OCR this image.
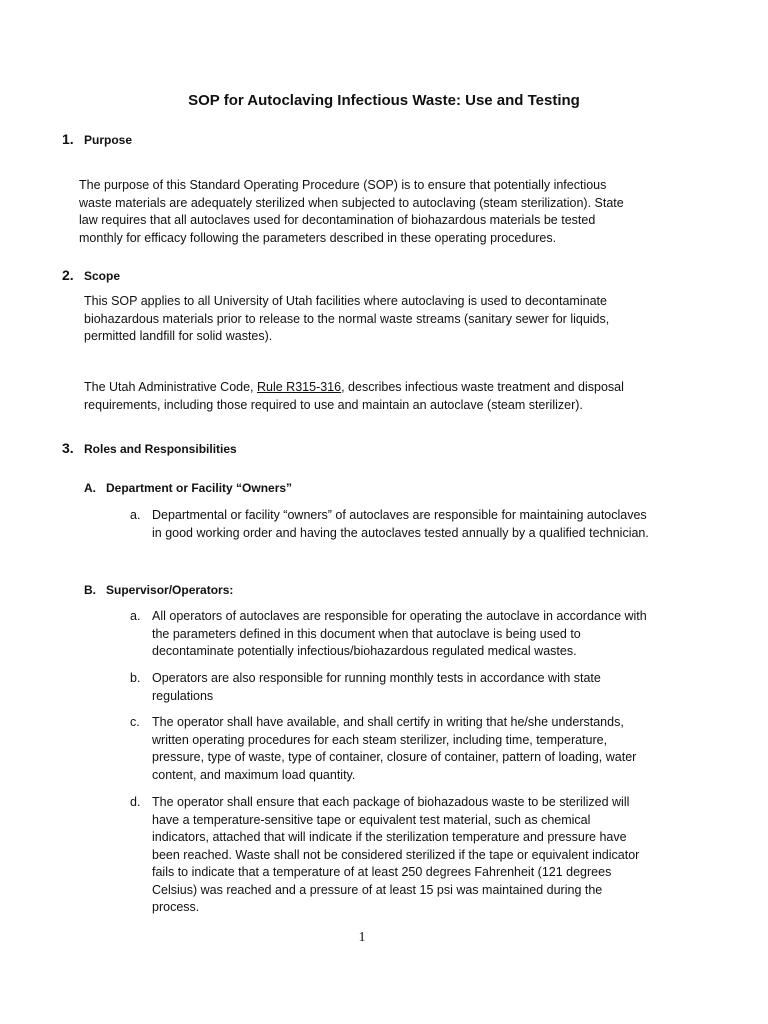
SOP for Autoclaving Infectious Waste: Use and Testing
1. Purpose
The purpose of this Standard Operating Procedure (SOP) is to ensure that potentially infectious waste materials are adequately sterilized when subjected to autoclaving (steam sterilization). State law requires that all autoclaves used for decontamination of biohazardous materials be tested monthly for efficacy following the parameters described in these operating procedures.
2. Scope
This SOP applies to all University of Utah facilities where autoclaving is used to decontaminate biohazardous materials prior to release to the normal waste streams (sanitary sewer for liquids, permitted landfill for solid wastes).
The Utah Administrative Code, Rule R315-316, describes infectious waste treatment and disposal requirements, including those required to use and maintain an autoclave (steam sterilizer).
3. Roles and Responsibilities
A. Department or Facility “Owners”
a. Departmental or facility “owners” of autoclaves are responsible for maintaining autoclaves in good working order and having the autoclaves tested annually by a qualified technician.
B. Supervisor/Operators:
a. All operators of autoclaves are responsible for operating the autoclave in accordance with the parameters defined in this document when that autoclave is being used to decontaminate potentially infectious/biohazardous regulated medical wastes.
b. Operators are also responsible for running monthly tests in accordance with state regulations
c. The operator shall have available, and shall certify in writing that he/she understands, written operating procedures for each steam sterilizer, including time, temperature, pressure, type of waste, type of container, closure of container, pattern of loading, water content, and maximum load quantity.
d. The operator shall ensure that each package of biohazadous waste to be sterilized will have a temperature-sensitive tape or equivalent test material, such as chemical indicators, attached that will indicate if the sterilization temperature and pressure have been reached. Waste shall not be considered sterilized if the tape or equivalent indicator fails to indicate that a temperature of at least 250 degrees Fahrenheit (121 degrees Celsius) was reached and a pressure of at least 15 psi was maintained during the process.
1
